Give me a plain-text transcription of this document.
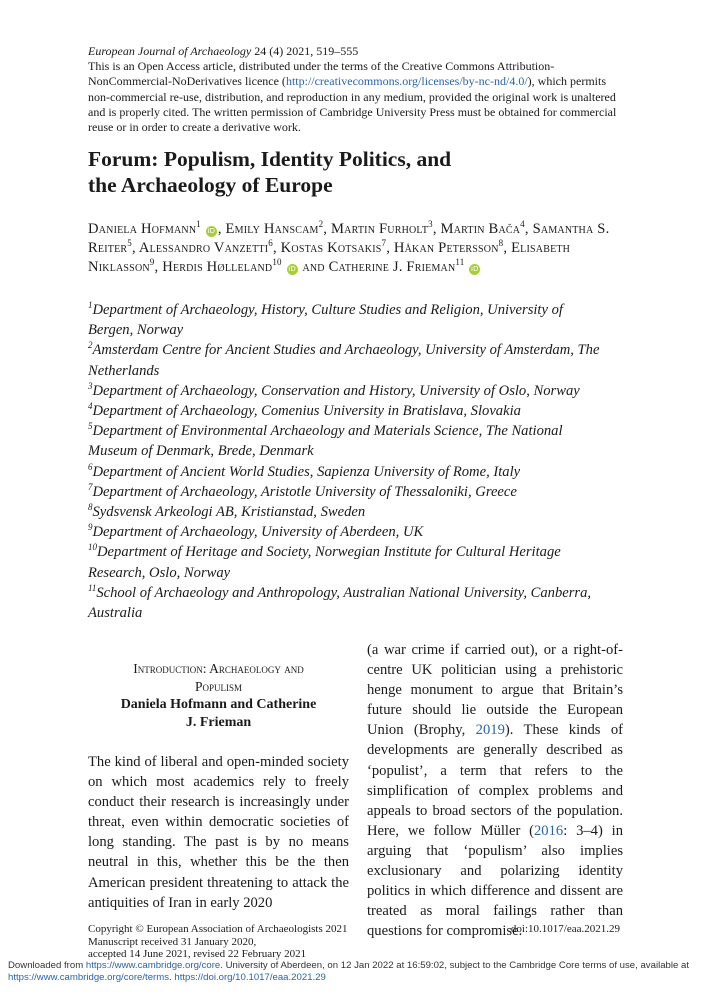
European Journal of Archaeology 24 (4) 2021, 519–555
This is an Open Access article, distributed under the terms of the Creative Commons Attribution-NonCommercial-NoDerivatives licence (http://creativecommons.org/licenses/by-nc-nd/4.0/), which permits non-commercial re-use, distribution, and reproduction in any medium, provided the original work is unaltered and is properly cited. The written permission of Cambridge University Press must be obtained for commercial reuse or in order to create a derivative work.
Forum: Populism, Identity Politics, and
the Archaeology of Europe
Daniela Hofmann$^1$ iD , Emily Hanscam$^2$, Martin Furholt$^3$, Martin Bača$^4$, Samantha S. Reiter$^5$, Alessandro Vanzetti$^6$, Kostas Kotsakis$^7$, Håkan Petersson$^8$, Elisabeth Niklasson$^9$, Herdis Hølleland$^{10}$ iD and Catherine J. Frieman$^{11}$ iD
$^1$Department of Archaeology, History, Culture Studies and Religion, University of Bergen, Norway
$^2$Amsterdam Centre for Ancient Studies and Archaeology, University of Amsterdam, The Netherlands
$^3$Department of Archaeology, Conservation and History, University of Oslo, Norway
$^4$Department of Archaeology, Comenius University in Bratislava, Slovakia
$^5$Department of Environmental Archaeology and Materials Science, The National Museum of Denmark, Brede, Denmark
$^6$Department of Ancient World Studies, Sapienza University of Rome, Italy
$^7$Department of Archaeology, Aristotle University of Thessaloniki, Greece
$^8$Sydsvensk Arkeologi AB, Kristianstad, Sweden
$^9$Department of Archaeology, University of Aberdeen, UK
$^{10}$Department of Heritage and Society, Norwegian Institute for Cultural Heritage Research, Oslo, Norway
$^{11}$School of Archaeology and Anthropology, Australian National University, Canberra, Australia
Introduction: Archaeology and
Populism
Daniela Hofmann and Catherine
J. Frieman

The kind of liberal and open-minded society on which most academics rely to freely conduct their research is increasingly under threat, even within democratic societies of long standing. The past is by no means neutral in this, whether this be the then American president threatening to attack the antiquities of Iran in early 2020

(a war crime if carried out), or a right-of-centre UK politician using a prehistoric henge monument to argue that Britain’s future should lie outside the European Union (Brophy, 2019). These kinds of developments are generally described as ‘populist’, a term that refers to the simplification of complex problems and appeals to broad sectors of the population. Here, we follow Müller (2016: 3–4) in arguing that ‘populism’ also implies exclusionary and polarizing identity politics in which difference and dissent are treated as moral failings rather than questions for compromise.

Copyright © European Association of Archaeologists 2021
Manuscript received 31 January 2020,
accepted 14 June 2021, revised 22 February 2021
doi:10.1017/eaa.2021.29
Downloaded from https://www.cambridge.org/core. University of Aberdeen, on 12 Jan 2022 at 16:59:02, subject to the Cambridge Core terms of use, available at
https://www.cambridge.org/core/terms. https://doi.org/10.1017/eaa.2021.29
